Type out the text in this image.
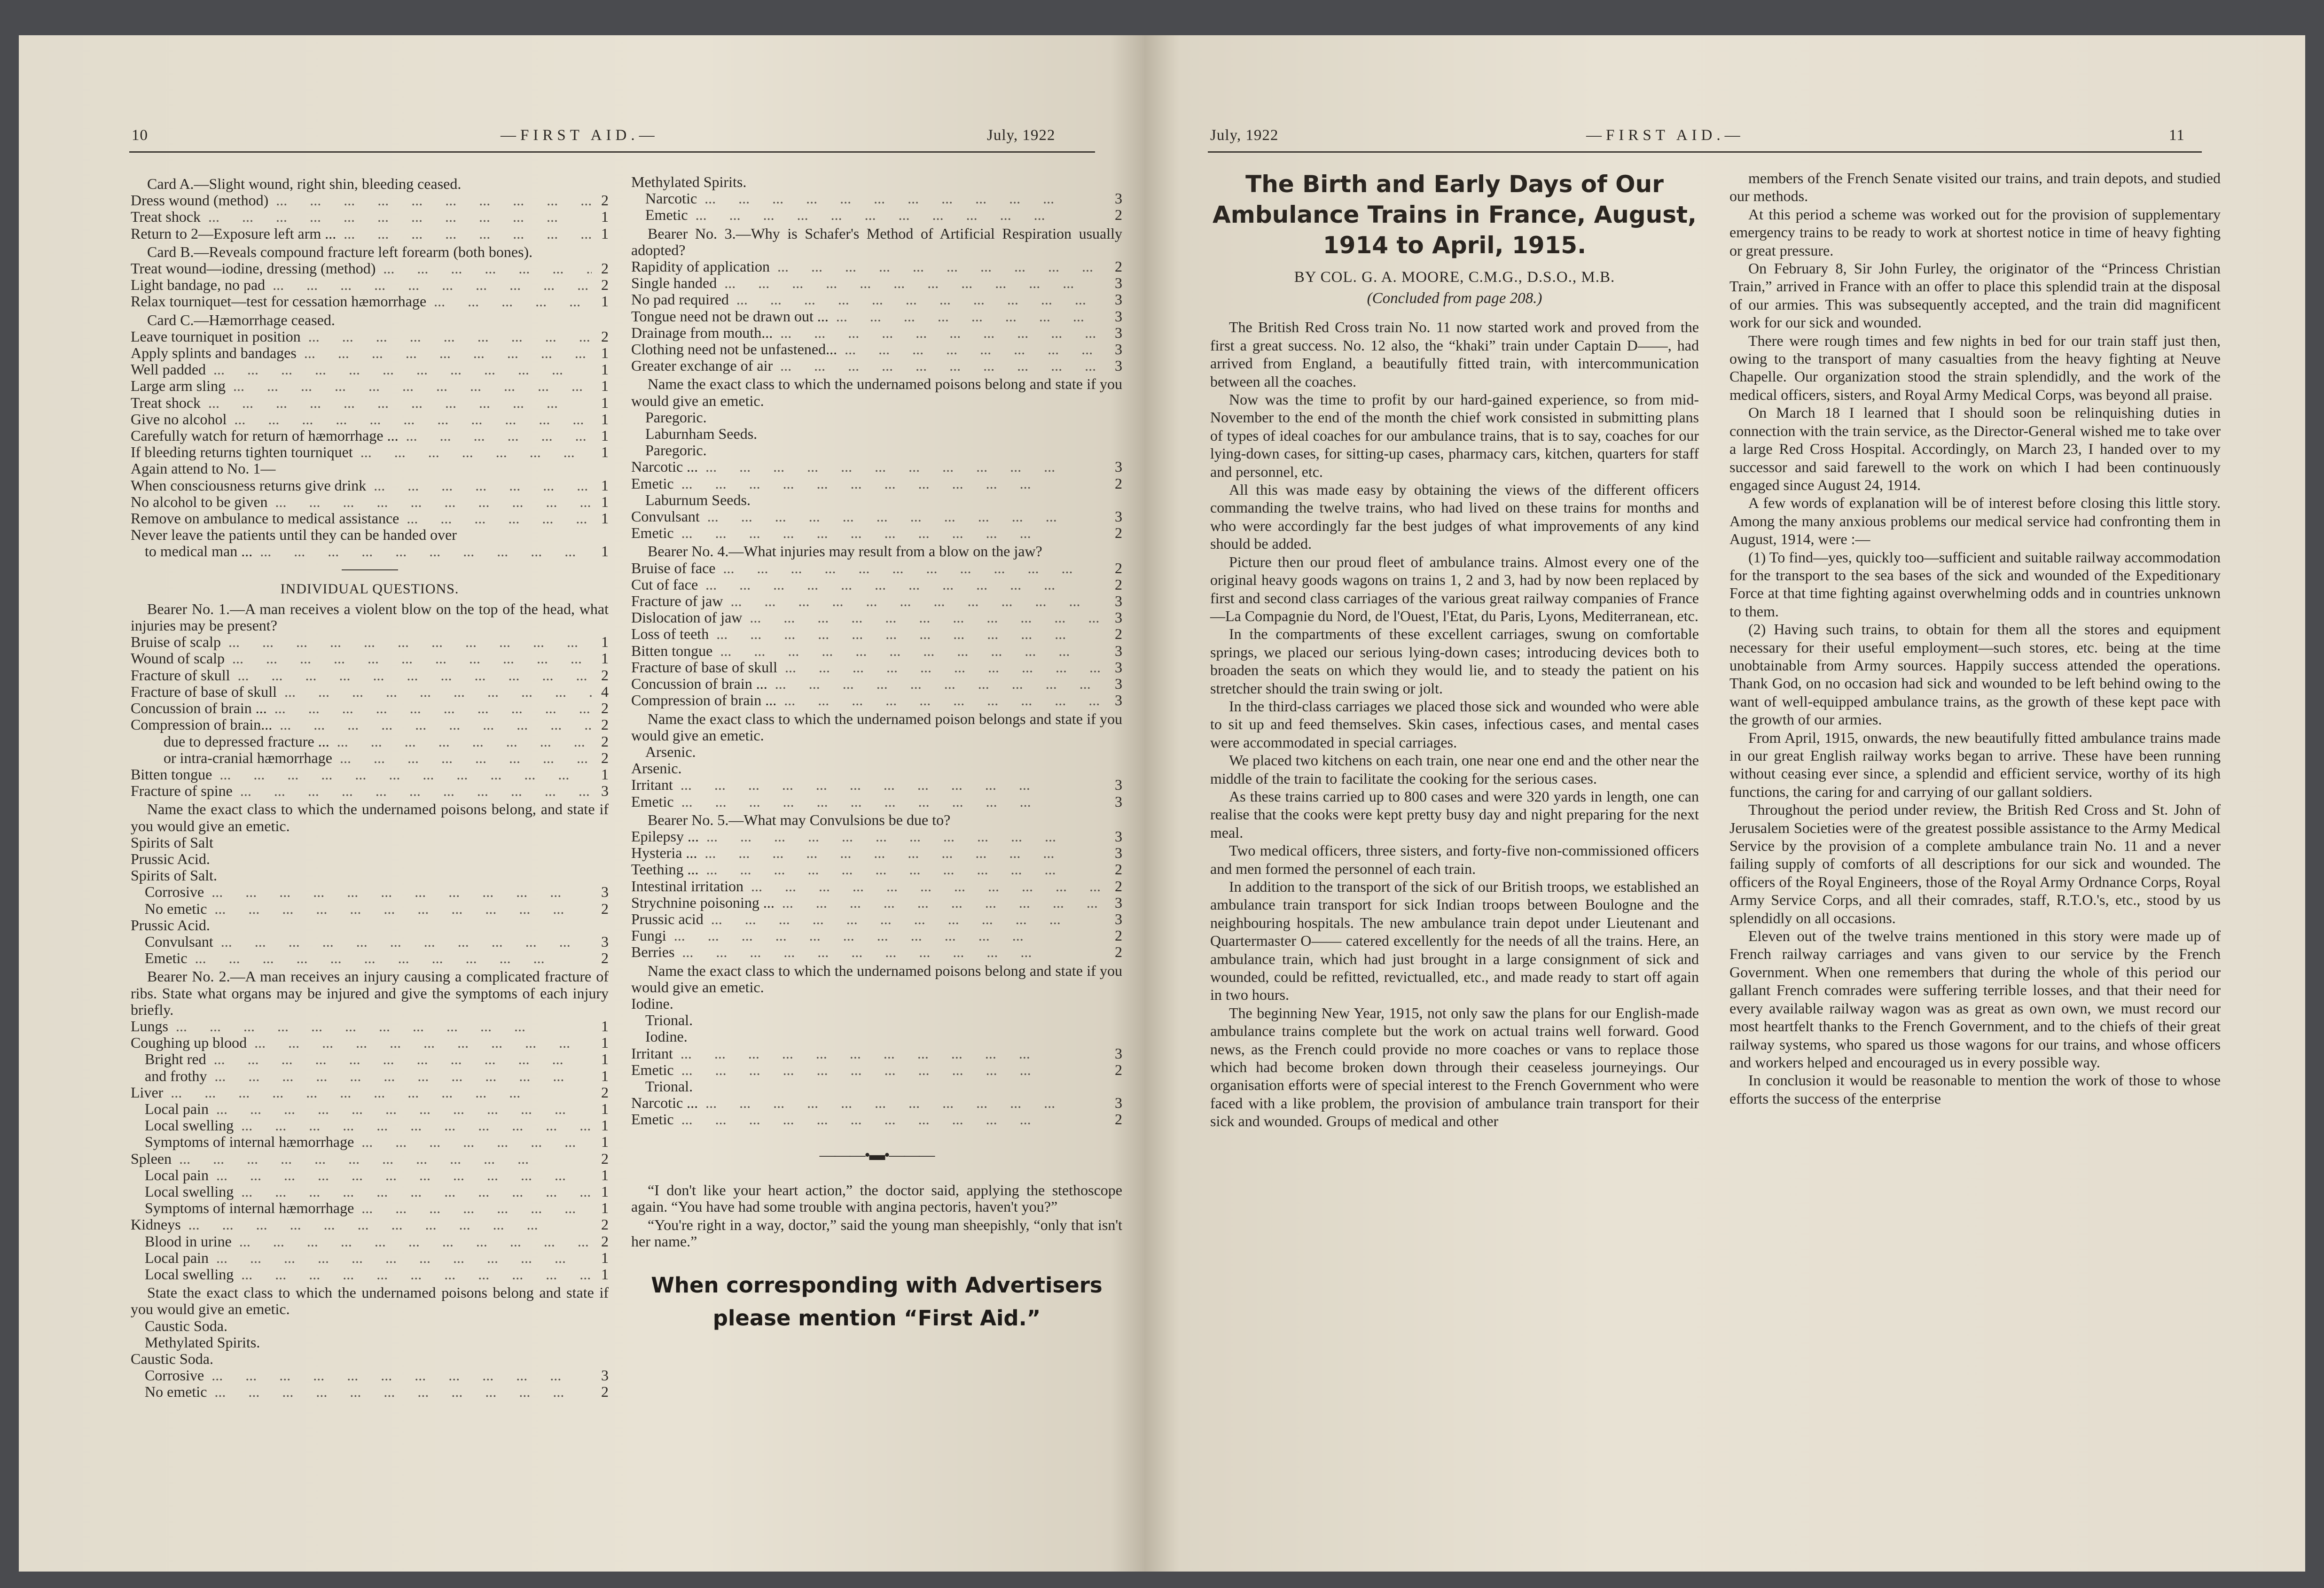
10	—FIRST AID.—	July, 1922

Card A.—Slight wound, right shin, bleeding ceased.

Dress wound (method) ...	2
Treat shock ...	1
Return to 2—Exposure left arm ... ...	1

Card B.—Reveals compound fracture left forearm (both bones).

Treat wound—iodine, dressing (method) ...	2
Light bandage, no pad ...	2
Relax tourniquet—test for cessation hæmorrhage ...	1

Card C.—Hæmorrhage ceased.

Leave tourniquet in position ...	2
Apply splints and bandages ...	1
Well padded ...	1
Large arm sling ...	1
Treat shock ...	1
Give no alcohol ...	1
Carefully watch for return of hæmorrhage ... ...	1
If bleeding returns tighten tourniquet ...	1

Again attend to No. 1—

When consciousness returns give drink ...	1
No alcohol to be given ...	1
Remove on ambulance to medical assistance ...	1

Never leave the patients until they can be handed over

to medical man ... ...	1
INDIVIDUAL QUESTIONS.

Bearer No. 1.—A man receives a violent blow on the top of the head, what injuries may be present?

Bruise of scalp ...	1
Wound of scalp ...	1
Fracture of skull ...	2
Fracture of base of skull ...	4
Concussion of brain ... ...	2
Compression of brain... ...	2
due to depressed fracture ... ...	2
or intra-cranial hæmorrhage ...	2
Bitten tongue ...	1
Fracture of spine ...	3

Name the exact class to which the undernamed poisons belong, and state if you would give an emetic.

Spirits of Salt

Prussic Acid.

Spirits of Salt.

Corrosive ...	3
No emetic ...	2

Prussic Acid.

Convulsant ...	3
Emetic ...	2

Bearer No. 2.—A man receives an injury causing a complicated fracture of ribs. State what organs may be injured and give the symptoms of each injury briefly.

Lungs ...	1
Coughing up blood ...	1
Bright red ...	1
and frothy ...	1
Liver ...	2
Local pain ...	1
Local swelling ...	1
Symptoms of internal hæmorrhage ...	1
Spleen ...	2
Local pain ...	1
Local swelling ...	1
Symptoms of internal hæmorrhage ...	1
Kidneys ...	2
Blood in urine ...	2
Local pain ...	1
Local swelling ...	1

State the exact class to which the undernamed poisons belong and state if you would give an emetic.

Caustic Soda.

Methylated Spirits.

Caustic Soda.

Corrosive ...	3
No emetic ...	2

Methylated Spirits.

Narcotic ...	3
Emetic ...	2

Bearer No. 3.—Why is Schafer's Method of Artificial Respiration usually adopted?

Rapidity of application ...	2
Single handed ...	3
No pad required ...	3
Tongue need not be drawn out ... ...	3
Drainage from mouth... ...	3
Clothing need not be unfastened... ...	3
Greater exchange of air ...	3

Name the exact class to which the undernamed poisons belong and state if you would give an emetic.

Paregoric.

Laburnham Seeds.

Paregoric.

Narcotic ... ...	3
Emetic ...	2

Laburnum Seeds.

Convulsant ...	3
Emetic ...	2

Bearer No. 4.—What injuries may result from a blow on the jaw?

Bruise of face ...	2
Cut of face ...	2
Fracture of jaw ...	3
Dislocation of jaw ...	3
Loss of teeth ...	2
Bitten tongue ...	3
Fracture of base of skull ...	3
Concussion of brain ... ...	3
Compression of brain ... ...	3

Name the exact class to which the undernamed poison belongs and state if you would give an emetic.

Arsenic.

Arsenic.

Irritant ...	3
Emetic ...	3

Bearer No. 5.—What may Convulsions be due to?

Epilepsy ... ...	3
Hysteria ... ...	3
Teething ... ...	2
Intestinal irritation ...	2
Strychnine poisoning ... ...	3
Prussic acid ...	3
Fungi ...	2
Berries ...	2

Name the exact class to which the undernamed poisons belong and state if you would give an emetic.

Iodine.

Trional.

Iodine.

Irritant ...	3
Emetic ...	2

Trional.

Narcotic ... ...	3
Emetic ...	2
———•▬•———

“I don't like your heart action,” the doctor said, applying the stethoscope again. “You have had some trouble with angina pectoris, haven't you?”

“You're right in a way, doctor,” said the young man sheepishly, “only that isn't her name.”

When corresponding with Advertisers please mention “First Aid.”
July, 1922	—FIRST AID.—	11
The Birth and Early Days of Our Ambulance Trains in France, August, 1914 to April, 1915.
BY COL. G. A. MOORE, C.M.G., D.S.O., M.B.
(Concluded from page 208.)

The British Red Cross train No. 11 now started work and proved from the first a great success. No. 12 also, the “khaki” train under Captain D——, had arrived from England, a beautifully fitted train, with intercommunication between all the coaches.

Now was the time to profit by our hard-gained experience, so from mid-November to the end of the month the chief work consisted in submitting plans of types of ideal coaches for our ambulance trains, that is to say, coaches for our lying-down cases, for sitting-up cases, pharmacy cars, kitchen, quarters for staff and personnel, etc.

All this was made easy by obtaining the views of the different officers commanding the twelve trains, who had lived on these trains for months and who were accordingly far the best judges of what improvements of any kind should be added.

Picture then our proud fleet of ambulance trains. Almost every one of the original heavy goods wagons on trains 1, 2 and 3, had by now been replaced by first and second class carriages of the various great railway companies of France—La Compagnie du Nord, de l'Ouest, l'Etat, du Paris, Lyons, Mediterranean, etc.

In the compartments of these excellent carriages, swung on comfortable springs, we placed our serious lying-down cases; introducing devices both to broaden the seats on which they would lie, and to steady the patient on his stretcher should the train swing or jolt.

In the third-class carriages we placed those sick and wounded who were able to sit up and feed themselves. Skin cases, infectious cases, and mental cases were accommodated in special carriages.

We placed two kitchens on each train, one near one end and the other near the middle of the train to facilitate the cooking for the serious cases.

As these trains carried up to 800 cases and were 320 yards in length, one can realise that the cooks were kept pretty busy day and night preparing for the next meal.

Two medical officers, three sisters, and forty-five non-commissioned officers and men formed the personnel of each train.

In addition to the transport of the sick of our British troops, we established an ambulance train transport for sick Indian troops between Boulogne and the neighbouring hospitals. The new ambulance train depot under Lieutenant and Quartermaster O—— catered excellently for the needs of all the trains. Here, an ambulance train, which had just brought in a large consignment of sick and wounded, could be refitted, revictualled, etc., and made ready to start off again in two hours.

The beginning New Year, 1915, not only saw the plans for our English-made ambulance trains complete but the work on actual trains well forward. Good news, as the French could provide no more coaches or vans to replace those which had become broken down through their ceaseless journeyings. Our organisation efforts were of special interest to the French Government who were faced with a like problem, the provision of ambulance train transport for their sick and wounded. Groups of medical and other

members of the French Senate visited our trains, and train depots, and studied our methods.

At this period a scheme was worked out for the provision of supplementary emergency trains to be ready to work at shortest notice in time of heavy fighting or great pressure.

On February 8, Sir John Furley, the originator of the “Princess Christian Train,” arrived in France with an offer to place this splendid train at the disposal of our armies. This was subsequently accepted, and the train did magnificent work for our sick and wounded.

There were rough times and few nights in bed for our train staff just then, owing to the transport of many casualties from the heavy fighting at Neuve Chapelle. Our organization stood the strain splendidly, and the work of the medical officers, sisters, and Royal Army Medical Corps, was beyond all praise.

On March 18 I learned that I should soon be relinquishing duties in connection with the train service, as the Director-General wished me to take over a large Red Cross Hospital. Accordingly, on March 23, I handed over to my successor and said farewell to the work on which I had been continuously engaged since August 24, 1914.

A few words of explanation will be of interest before closing this little story. Among the many anxious problems our medical service had confronting them in August, 1914, were :—

(1) To find—yes, quickly too—sufficient and suitable railway accommodation for the transport to the sea bases of the sick and wounded of the Expeditionary Force at that time fighting against overwhelming odds and in countries unknown to them.

(2) Having such trains, to obtain for them all the stores and equipment necessary for their useful employment—such stores, etc. being at the time unobtainable from Army sources. Happily success attended the operations. Thank God, on no occasion had sick and wounded to be left behind owing to the want of well-equipped ambulance trains, as the growth of these kept pace with the growth of our armies.

From April, 1915, onwards, the new beautifully fitted ambulance trains made in our great English railway works began to arrive. These have been running without ceasing ever since, a splendid and efficient service, worthy of its high functions, the caring for and carrying of our gallant soldiers.

Throughout the period under review, the British Red Cross and St. John of Jerusalem Societies were of the greatest possible assistance to the Army Medical Service by the provision of a complete ambulance train No. 11 and a never failing supply of comforts of all descriptions for our sick and wounded. The officers of the Royal Engineers, those of the Royal Army Ordnance Corps, Royal Army Service Corps, and all their comrades, staff, R.T.O.'s, etc., stood by us splendidly on all occasions.

Eleven out of the twelve trains mentioned in this story were made up of French railway carriages and vans given to our service by the French Government. When one remembers that during the whole of this period our gallant French comrades were suffering terrible losses, and that their need for every available railway wagon was as great as own own, we must record our most heartfelt thanks to the French Government, and to the chiefs of their great railway systems, who spared us those wagons for our trains, and whose officers and workers helped and encouraged us in every possible way.

In conclusion it would be reasonable to mention the work of those to whose efforts the success of the enterprise
